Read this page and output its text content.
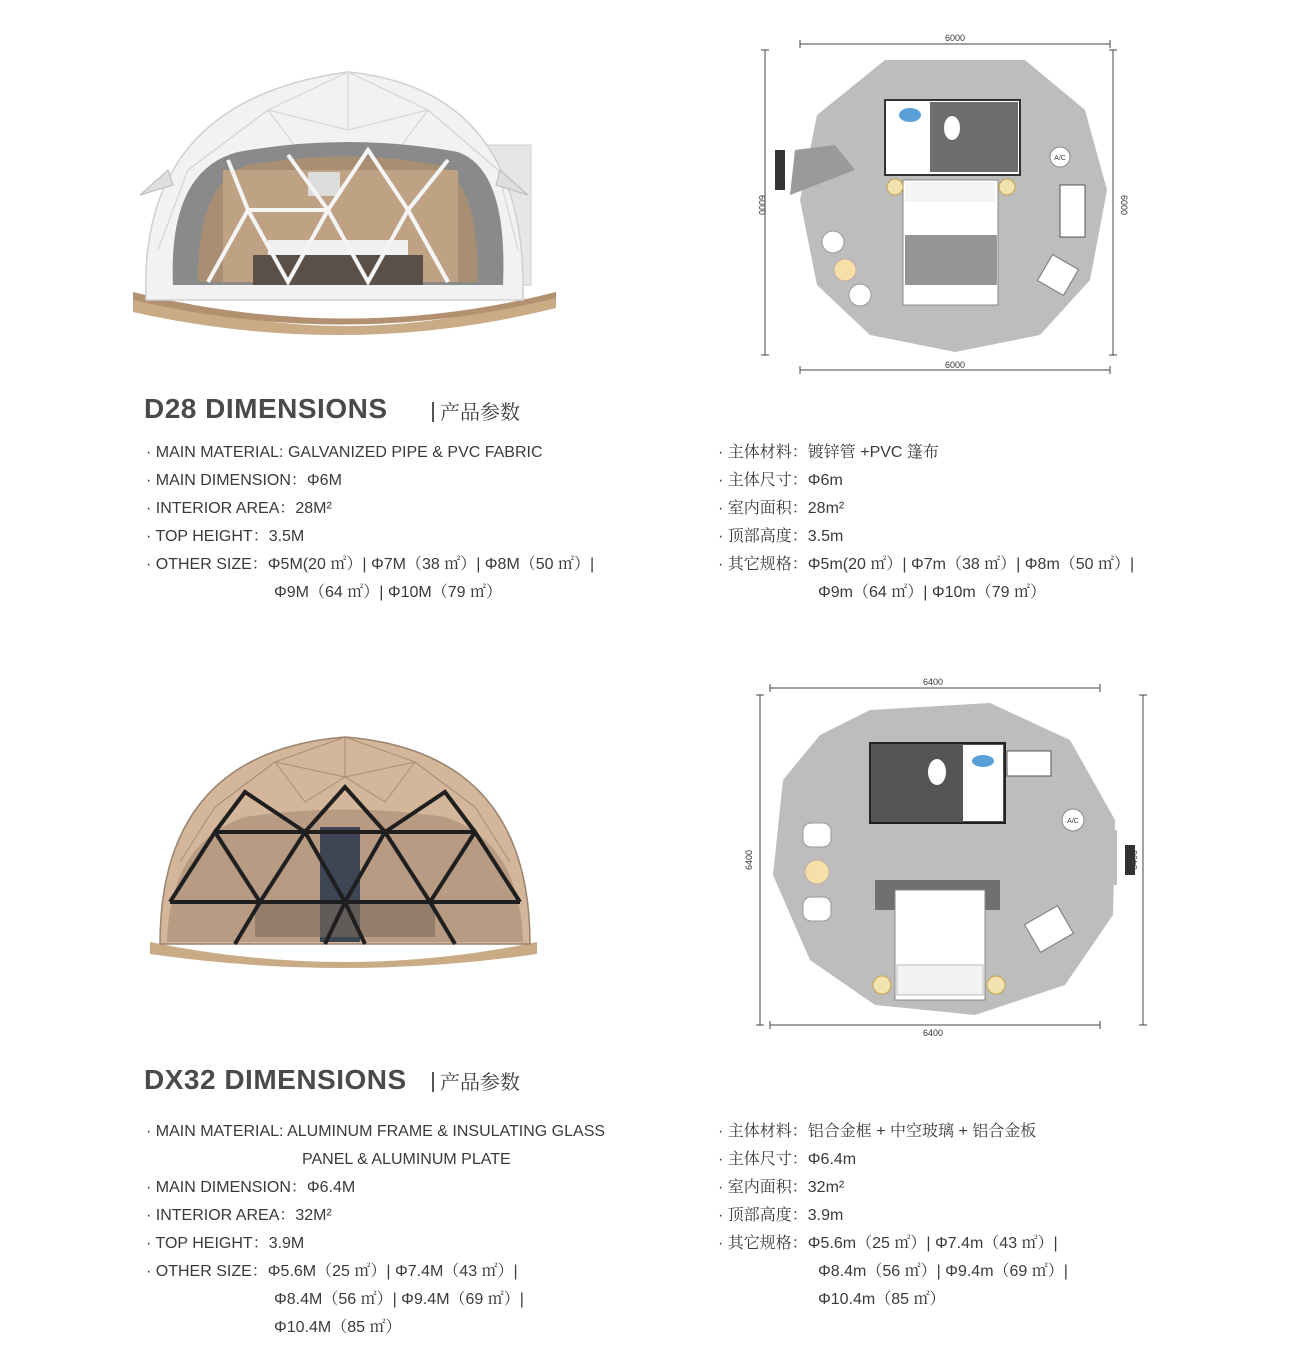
A/C
6000
6000
6000	6000
D28 DIMENSIONS	产品参数
· MAIN MATERIAL: GALVANIZED PIPE & PVC FABRIC
· MAIN DIMENSION：Φ6M
· INTERIOR AREA：28M²
· TOP HEIGHT：3.5M
· OTHER SIZE：Φ5M(20 ㎡）| Φ7M（38 ㎡）| Φ8M（50 ㎡）|
Φ9M（64 ㎡）| Φ10M（79 ㎡）
· 主体材料：镀锌管 +PVC 篷布
· 主体尺寸：Φ6m
· 室内面积：28m²
· 顶部高度：3.5m
· 其它规格：Φ5m(20 ㎡）| Φ7m（38 ㎡）| Φ8m（50 ㎡）|
Φ9m（64 ㎡）| Φ10m（79 ㎡）
A/C
6400
6400
6400	6400
DX32 DIMENSIONS	产品参数
· MAIN MATERIAL: ALUMINUM FRAME & INSULATING GLASS
PANEL & ALUMINUM PLATE
· MAIN DIMENSION：Φ6.4M
· INTERIOR AREA：32M²
· TOP HEIGHT：3.9M
· OTHER SIZE：Φ5.6M（25 ㎡）| Φ7.4M（43 ㎡）|
Φ8.4M（56 ㎡）| Φ9.4M（69 ㎡）|
Φ10.4M（85 ㎡）
· 主体材料：铝合金框 + 中空玻璃 + 铝合金板
· 主体尺寸：Φ6.4m
· 室内面积：32m²
· 顶部高度：3.9m
· 其它规格：Φ5.6m（25 ㎡）| Φ7.4m（43 ㎡）|
Φ8.4m（56 ㎡）| Φ9.4m（69 ㎡）|
Φ10.4m（85 ㎡）
